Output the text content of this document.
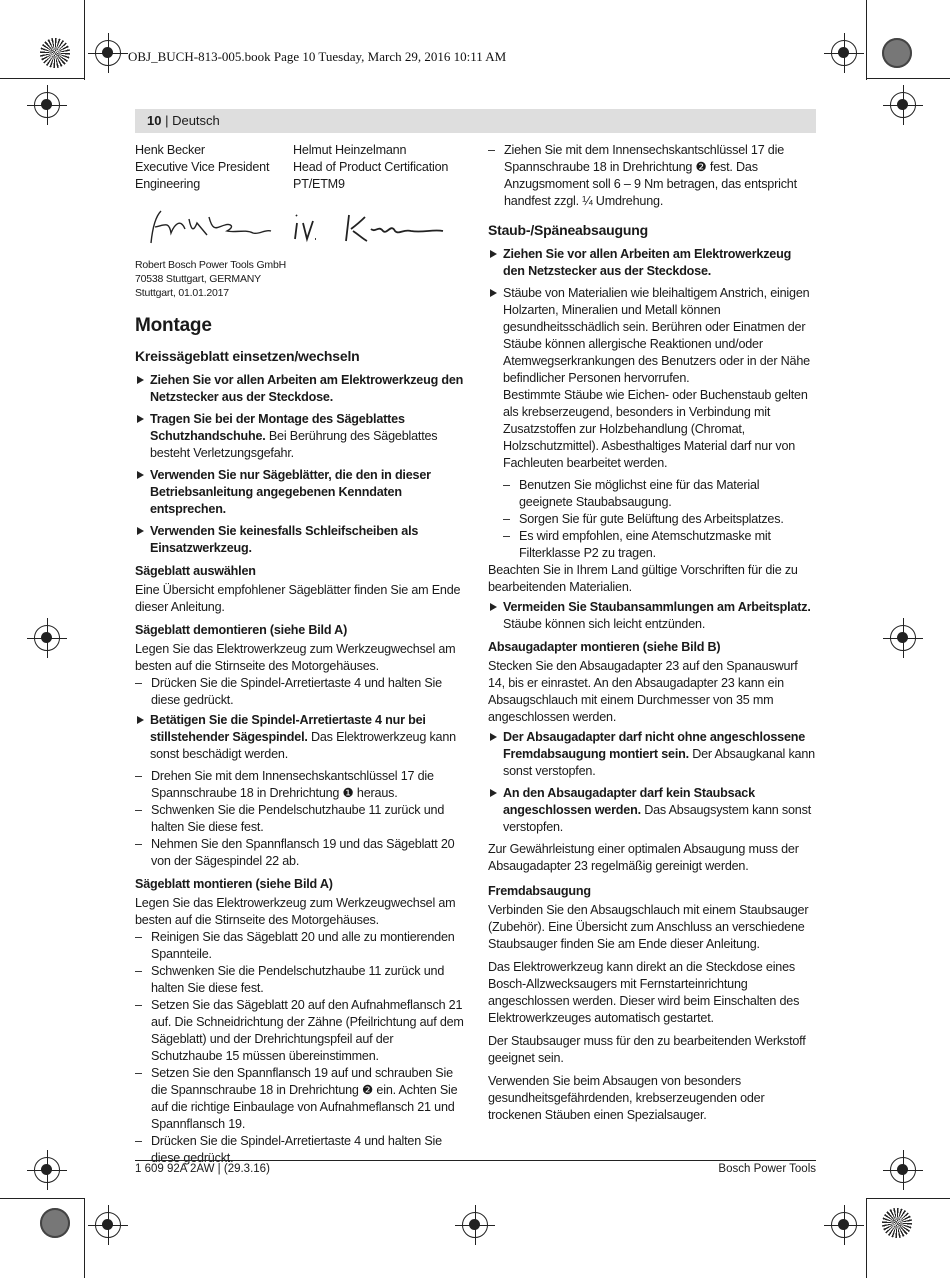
OBJ_BUCH-813-005.book Page 10 Tuesday, March 29, 2016 10:11 AM
10 | Deutsch

Henk Becker

Executive Vice President

Engineering

Helmut Heinzelmann

Head of Product Certification

PT/ETM9

Robert Bosch Power Tools GmbH

70538 Stuttgart, GERMANY

Stuttgart, 01.01.2017

Montage
Kreissägeblatt einsetzen/wechseln
Ziehen Sie vor allen Arbeiten am Elektrowerkzeug den Netzstecker aus der Steckdose.
Tragen Sie bei der Montage des Sägeblattes Schutzhandschuhe. Bei Berührung des Sägeblattes besteht Verletzungsgefahr.
Verwenden Sie nur Sägeblätter, die den in dieser Betriebsanleitung angegebenen Kenndaten entsprechen.
Verwenden Sie keinesfalls Schleifscheiben als Einsatzwerkzeug.
Sägeblatt auswählen

Eine Übersicht empfohlener Sägeblätter finden Sie am Ende dieser Anleitung.

Sägeblatt demontieren (siehe Bild A)

Legen Sie das Elektrowerkzeug zum Werkzeugwechsel am besten auf die Stirnseite des Motorgehäuses.

– Drücken Sie die Spindel-Arretiertaste 4 und halten Sie diese gedrückt.
Betätigen Sie die Spindel-Arretiertaste 4 nur bei stillstehender Sägespindel. Das Elektrowerkzeug kann sonst beschädigt werden.
– Drehen Sie mit dem Innensechskantschlüssel 17 die Spannschraube 18 in Drehrichtung ❶ heraus.
– Schwenken Sie die Pendelschutzhaube 11 zurück und halten Sie diese fest.
– Nehmen Sie den Spannflansch 19 und das Sägeblatt 20 von der Sägespindel 22 ab.
Sägeblatt montieren (siehe Bild A)

Legen Sie das Elektrowerkzeug zum Werkzeugwechsel am besten auf die Stirnseite des Motorgehäuses.

– Reinigen Sie das Sägeblatt 20 und alle zu montierenden Spannteile.
– Schwenken Sie die Pendelschutzhaube 11 zurück und halten Sie diese fest.
– Setzen Sie das Sägeblatt 20 auf den Aufnahmeflansch 21 auf. Die Schneidrichtung der Zähne (Pfeilrichtung auf dem Sägeblatt) und der Drehrichtungspfeil auf der Schutzhaube 15 müssen übereinstimmen.
– Setzen Sie den Spannflansch 19 auf und schrauben Sie die Spannschraube 18 in Drehrichtung ❷ ein. Achten Sie auf die richtige Einbaulage von Aufnahmeflansch 21 und Spannflansch 19.
– Drücken Sie die Spindel-Arretiertaste 4 und halten Sie diese gedrückt.
– Ziehen Sie mit dem Innensechskantschlüssel 17 die Spannschraube 18 in Drehrichtung ❷ fest. Das Anzugsmoment soll 6 – 9 Nm betragen, das entspricht handfest zzgl. ¼ Umdrehung.
Staub-/Späneabsaugung
Ziehen Sie vor allen Arbeiten am Elektrowerkzeug den Netzstecker aus der Steckdose.
Stäube von Materialien wie bleihaltigem Anstrich, einigen Holzarten, Mineralien und Metall können gesundheitsschädlich sein. Berühren oder Einatmen der Stäube können allergische Reaktionen und/oder Atemwegserkrankungen des Benutzers oder in der Nähe befindlicher Personen hervorrufen.
Bestimmte Stäube wie Eichen- oder Buchenstaub gelten als krebserzeugend, besonders in Verbindung mit Zusatzstoffen zur Holzbehandlung (Chromat, Holzschutzmittel). Asbesthaltiges Material darf nur von Fachleuten bearbeitet werden.
– Benutzen Sie möglichst eine für das Material geeignete Staubabsaugung.
– Sorgen Sie für gute Belüftung des Arbeitsplatzes.
– Es wird empfohlen, eine Atemschutzmaske mit Filterklasse P2 zu tragen.

Beachten Sie in Ihrem Land gültige Vorschriften für die zu bearbeitenden Materialien.

Vermeiden Sie Staubansammlungen am Arbeitsplatz. Stäube können sich leicht entzünden.
Absaugadapter montieren (siehe Bild B)

Stecken Sie den Absaugadapter 23 auf den Spanauswurf 14, bis er einrastet. An den Absaugadapter 23 kann ein Absaugschlauch mit einem Durchmesser von 35 mm angeschlossen werden.

Der Absaugadapter darf nicht ohne angeschlossene Fremdabsaugung montiert sein. Der Absaugkanal kann sonst verstopfen.
An den Absaugadapter darf kein Staubsack angeschlossen werden. Das Absaugsystem kann sonst verstopfen.

Zur Gewährleistung einer optimalen Absaugung muss der Absaugadapter 23 regelmäßig gereinigt werden.

Fremdabsaugung

Verbinden Sie den Absaugschlauch mit einem Staubsauger (Zubehör). Eine Übersicht zum Anschluss an verschiedene Staubsauger finden Sie am Ende dieser Anleitung.

Das Elektrowerkzeug kann direkt an die Steckdose eines Bosch-Allzwecksaugers mit Fernstarteinrichtung angeschlossen werden. Dieser wird beim Einschalten des Elektrowerkzeuges automatisch gestartet.

Der Staubsauger muss für den zu bearbeitenden Werkstoff geeignet sein.

Verwenden Sie beim Absaugen von besonders gesundheitsgefährdenden, krebserzeugenden oder trockenen Stäuben einen Spezialsauger.

1 609 92A 2AW | (29.3.16)	Bosch Power Tools
